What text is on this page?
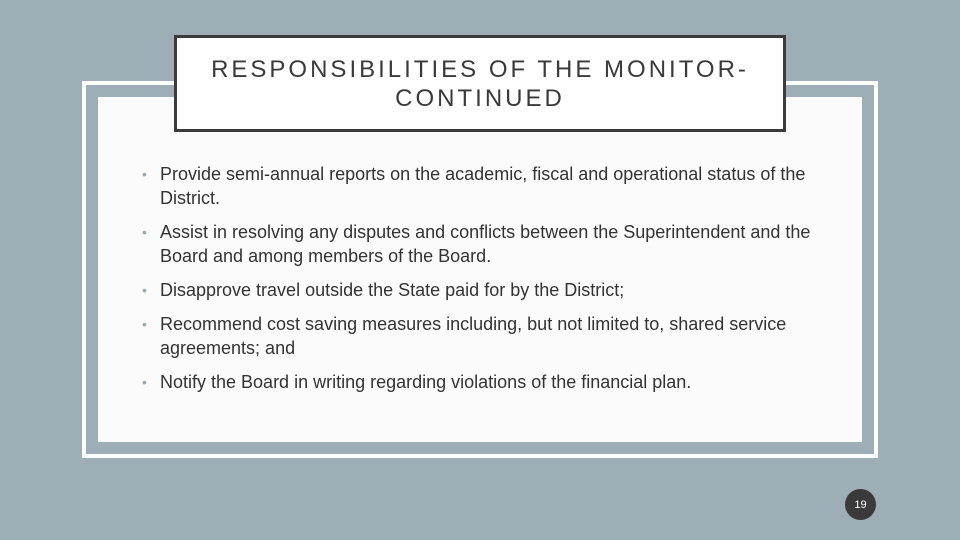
RESPONSIBILITIES OF THE MONITOR-
CONTINUED
• Provide semi-annual reports on the academic, fiscal and operational status of the District.
• Assist in resolving any disputes and conflicts between the Superintendent and the Board and among members of the Board.
• Disapprove travel outside the State paid for by the District;
• Recommend cost saving measures including, but not limited to, shared service agreements; and
• Notify the Board in writing regarding violations of the financial plan.
19
